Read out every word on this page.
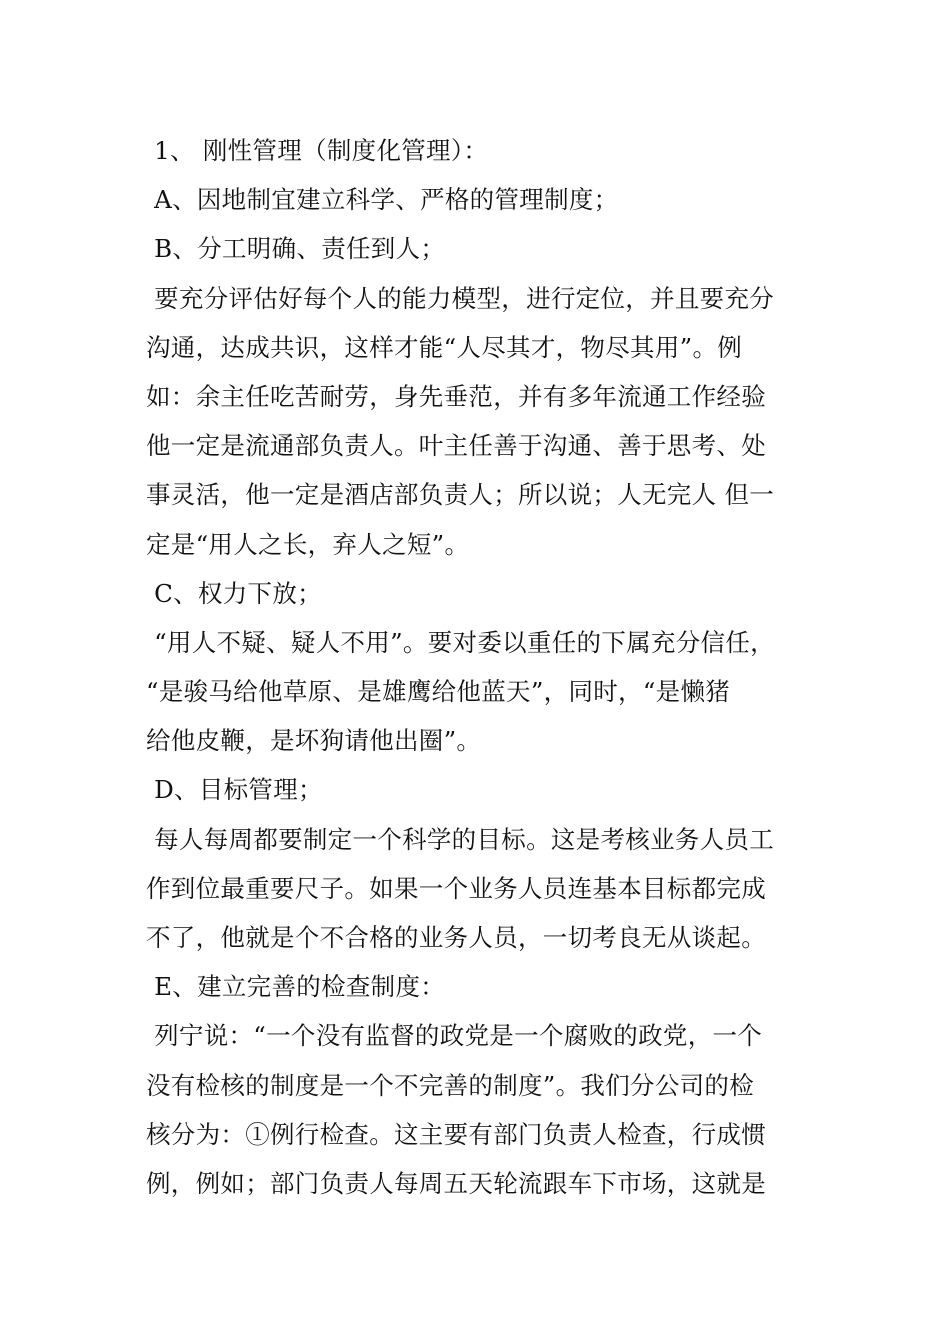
1、 刚性管理（制度化管理）：
A、因地制宜建立科学、严格的管理制度；
B、分工明确、责任到人；
要充分评估好每个人的能力模型，进行定位，并且要充分
沟通，达成共识，这样才能“人尽其才，物尽其用”。例
如：余主任吃苦耐劳，身先垂范，并有多年流通工作经验
他一定是流通部负责人。叶主任善于沟通、善于思考、处
事灵活，他一定是酒店部负责人；所以说；人无完人 但一
定是“用人之长，弃人之短”。
C、权力下放；
“用人不疑、疑人不用”。要对委以重任的下属充分信任，
“是骏马给他草原、是雄鹰给他蓝天”，同时，“是懒猪
给他皮鞭，是坏狗请他出圈”。
D、目标管理；
每人每周都要制定一个科学的目标。这是考核业务人员工
作到位最重要尺子。如果一个业务人员连基本目标都完成
不了，他就是个不合格的业务人员，一切考良无从谈起。
E、建立完善的检查制度：
列宁说：“一个没有监督的政党是一个腐败的政党，一个
没有检核的制度是一个不完善的制度”。我们分公司的检
核分为：①例行检查。这主要有部门负责人检查，行成惯
例，例如；部门负责人每周五天轮流跟车下市场，这就是
